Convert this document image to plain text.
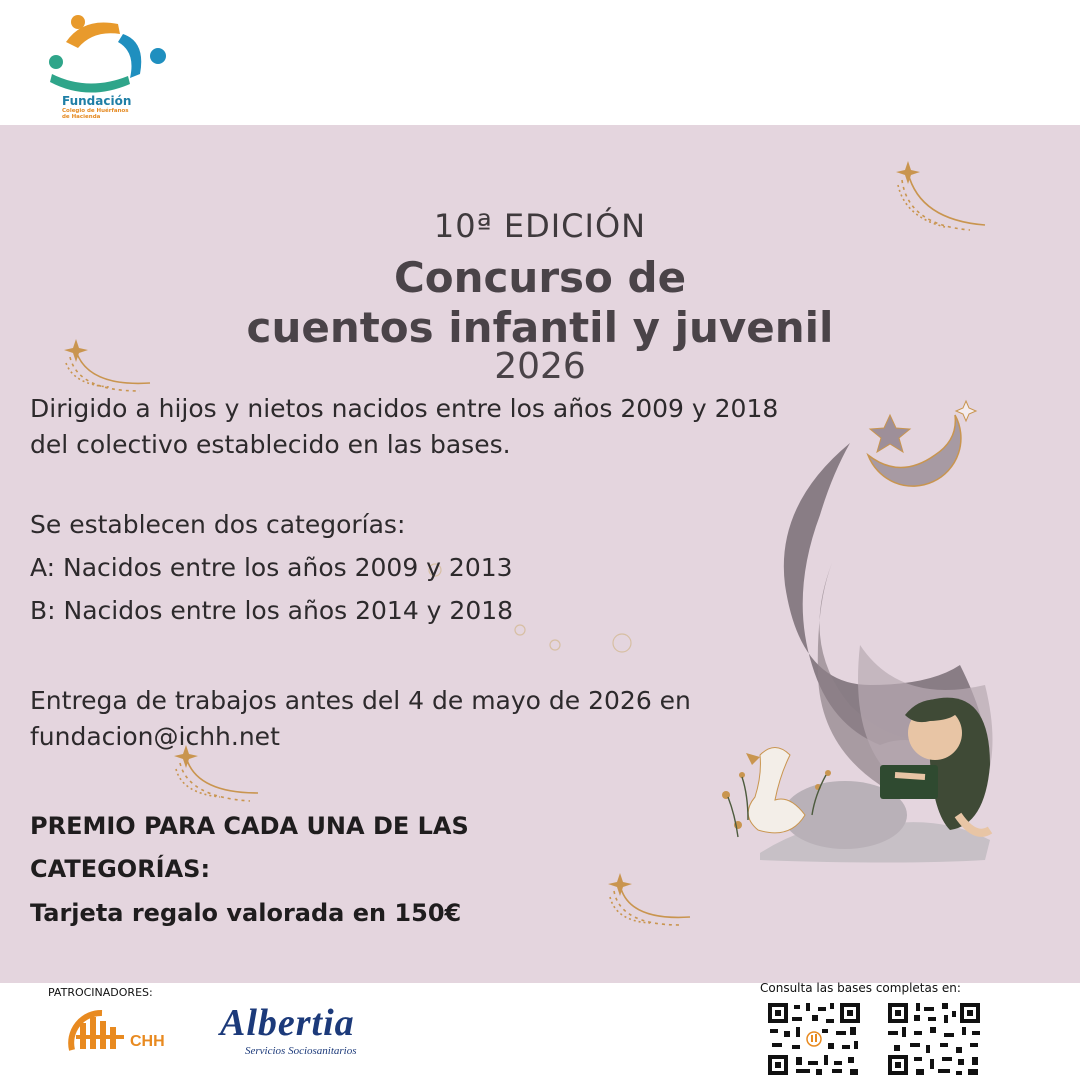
Fundación
Colegio de Huérfanos de Hacienda
10ª EDICIÓN
Concurso de
cuentos infantil y juvenil
2026
Dirigido a hijos y nietos nacidos entre los años 2009 y 2018 del colectivo establecido en las bases.
Se establecen dos categorías:
A: Nacidos entre los años 2009 y 2013
B: Nacidos entre los años 2014 y 2018
Entrega de trabajos antes del 4 de mayo de 2026 en fundacion@ichh.net
PREMIO PARA CADA UNA DE LAS CATEGORÍAS:
Tarjeta regalo valorada en 150€
PATROCINADORES:
CHH Albertia
Servicios Sociosanitarios
Consulta las bases completas en:
